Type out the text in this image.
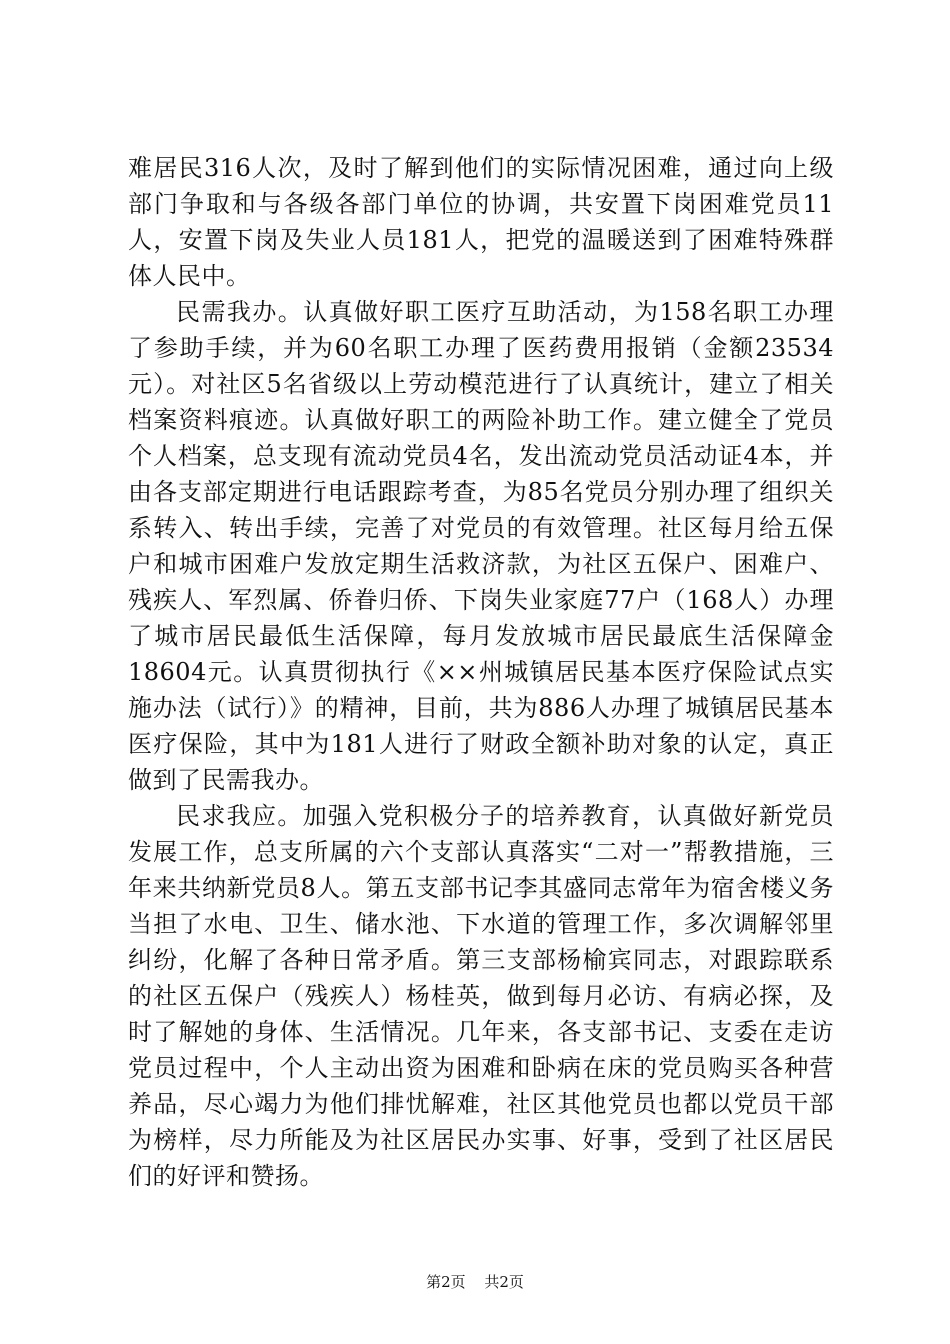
难居民316人次，及时了解到他们的实际情况困难，通过向上级部门争取和与各级各部门单位的协调，共安置下岗困难党员11人，安置下岗及失业人员181人，把党的温暖送到了困难特殊群体人民中。

民需我办。认真做好职工医疗互助活动，为158名职工办理了参助手续，并为60名职工办理了医药费用报销（金额23534元）。对社区5名省级以上劳动模范进行了认真统计，建立了相关档案资料痕迹。认真做好职工的两险补助工作。建立健全了党员个人档案，总支现有流动党员4名，发出流动党员活动证4本，并由各支部定期进行电话跟踪考查，为85名党员分别办理了组织关系转入、转出手续，完善了对党员的有效管理。社区每月给五保户和城市困难户发放定期生活救济款，为社区五保户、困难户、残疾人、军烈属、侨眷归侨、下岗失业家庭77户（168人）办理了城市居民最低生活保障，每月发放城市居民最底生活保障金18604元。认真贯彻执行《××州城镇居民基本医疗保险试点实施办法（试行）》的精神，目前，共为886人办理了城镇居民基本医疗保险，其中为181人进行了财政全额补助对象的认定，真正做到了民需我办。

民求我应。加强入党积极分子的培养教育，认真做好新党员发展工作，总支所属的六个支部认真落实“二对一”帮教措施，三年来共纳新党员8人。第五支部书记李其盛同志常年为宿舍楼义务当担了水电、卫生、储水池、下水道的管理工作，多次调解邻里纠纷，化解了各种日常矛盾。第三支部杨榆宾同志，对跟踪联系的社区五保户（残疾人）杨桂英，做到每月必访、有病必探，及时了解她的身体、生活情况。几年来，各支部书记、支委在走访党员过程中，个人主动出资为困难和卧病在床的党员购买各种营养品，尽心竭力为他们排忧解难，社区其他党员也都以党员干部为榜样，尽力所能及为社区居民办实事、好事，受到了社区居民们的好评和赞扬。

第2页 共2页
